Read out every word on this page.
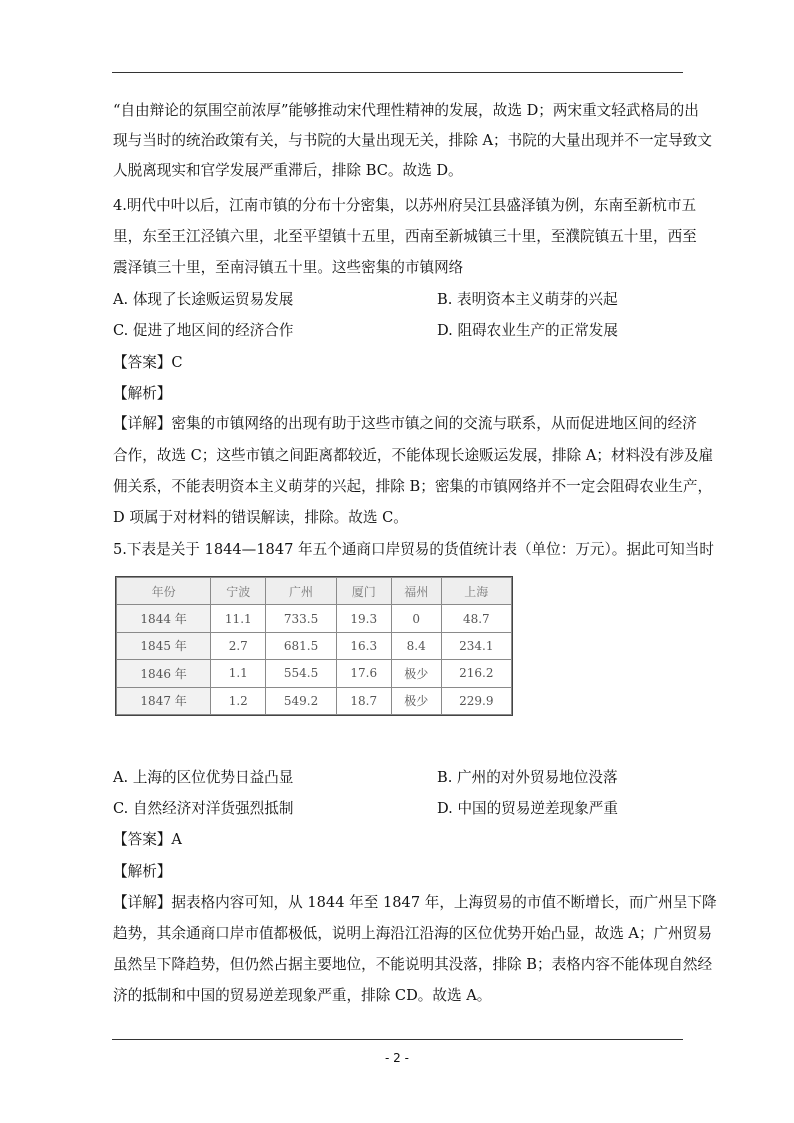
“自由辩论的氛围空前浓厚”能够推动宋代理性精神的发展，故选 D；两宋重文轻武格局的出
现与当时的统治政策有关，与书院的大量出现无关，排除 A；书院的大量出现并不一定导致文
人脱离现实和官学发展严重滞后，排除 BC。故选 D。
4.明代中叶以后，江南市镇的分布十分密集，以苏州府吴江县盛泽镇为例，东南至新杭市五
里，东至王江泾镇六里，北至平望镇十五里，西南至新城镇三十里，至濮院镇五十里，西至
震泽镇三十里，至南浔镇五十里。这些密集的市镇网络
A. 体现了长途贩运贸易发展	B. 表明资本主义萌芽的兴起
C. 促进了地区间的经济合作	D. 阻碍农业生产的正常发展
【答案】C
【解析】
【详解】密集的市镇网络的出现有助于这些市镇之间的交流与联系，从而促进地区间的经济
合作，故选 C；这些市镇之间距离都较近，不能体现长途贩运发展，排除 A；材料没有涉及雇
佣关系，不能表明资本主义萌芽的兴起，排除 B；密集的市镇网络并不一定会阻碍农业生产，
D 项属于对材料的错误解读，排除。故选 C。
5.下表是关于 1844—1847 年五个通商口岸贸易的货值统计表（单位：万元）。据此可知当时
年份	宁波	广州	厦门	福州	上海
1844 年	11.1	733.5	19.3	0	48.7
1845 年	2.7	681.5	16.3	8.4	234.1
1846 年	1.1	554.5	17.6	极少	216.2
1847 年	1.2	549.2	18.7	极少	229.9
A. 上海的区位优势日益凸显	B. 广州的对外贸易地位没落
C. 自然经济对洋货强烈抵制	D. 中国的贸易逆差现象严重
【答案】A
【解析】
【详解】据表格内容可知，从 1844 年至 1847 年，上海贸易的市值不断增长，而广州呈下降
趋势，其余通商口岸市值都极低，说明上海沿江沿海的区位优势开始凸显，故选 A；广州贸易
虽然呈下降趋势，但仍然占据主要地位，不能说明其没落，排除 B；表格内容不能体现自然经
济的抵制和中国的贸易逆差现象严重，排除 CD。故选 A。
- 2 -
